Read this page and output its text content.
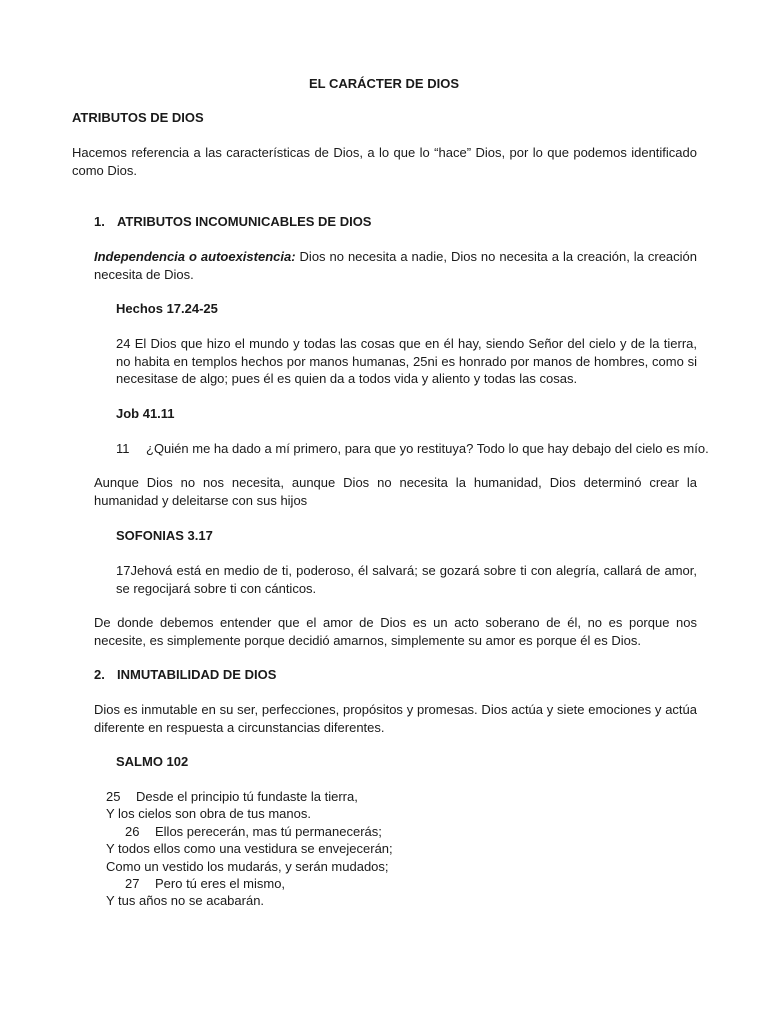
EL CARÁCTER DE DIOS

ATRIBUTOS DE DIOS

Hacemos referencia a las características de Dios, a lo que lo “hace” Dios, por lo que podemos identificado como Dios.

1. ATRIBUTOS INCOMUNICABLES DE DIOS

Independencia o autoexistencia: Dios no necesita a nadie, Dios no necesita a la creación, la creación necesita de Dios.

Hechos 17.24-25

24 El Dios que hizo el mundo y todas las cosas que en él hay, siendo Señor del cielo y de la tierra, no habita en templos hechos por manos humanas, 25ni es honrado por manos de hombres, como si necesitase de algo; pues él es quien da a todos vida y aliento y todas las cosas.

Job 41.11

11 ¿Quién me ha dado a mí primero, para que yo restituya? Todo lo que hay debajo del cielo es mío.

Aunque Dios no nos necesita, aunque Dios no necesita la humanidad, Dios determinó crear la humanidad y deleitarse con sus hijos

SOFONIAS 3.17

17Jehová está en medio de ti, poderoso, él salvará; se gozará sobre ti con alegría, callará de amor, se regocijará sobre ti con cánticos.

De donde debemos entender que el amor de Dios es un acto soberano de él, no es porque nos necesite, es simplemente porque decidió amarnos, simplemente su amor es porque él es Dios.

2. INMUTABILIDAD DE DIOS

Dios es inmutable en su ser, perfecciones, propósitos y promesas. Dios actúa y siete emociones y actúa diferente en respuesta a circunstancias diferentes.

SALMO 102

25 Desde el principio tú fundaste la tierra,

Y los cielos son obra de tus manos.

26 Ellos perecerán, mas tú permanecerás;

Y todos ellos como una vestidura se envejecerán;

Como un vestido los mudarás, y serán mudados;

27 Pero tú eres el mismo,

Y tus años no se acabarán.
